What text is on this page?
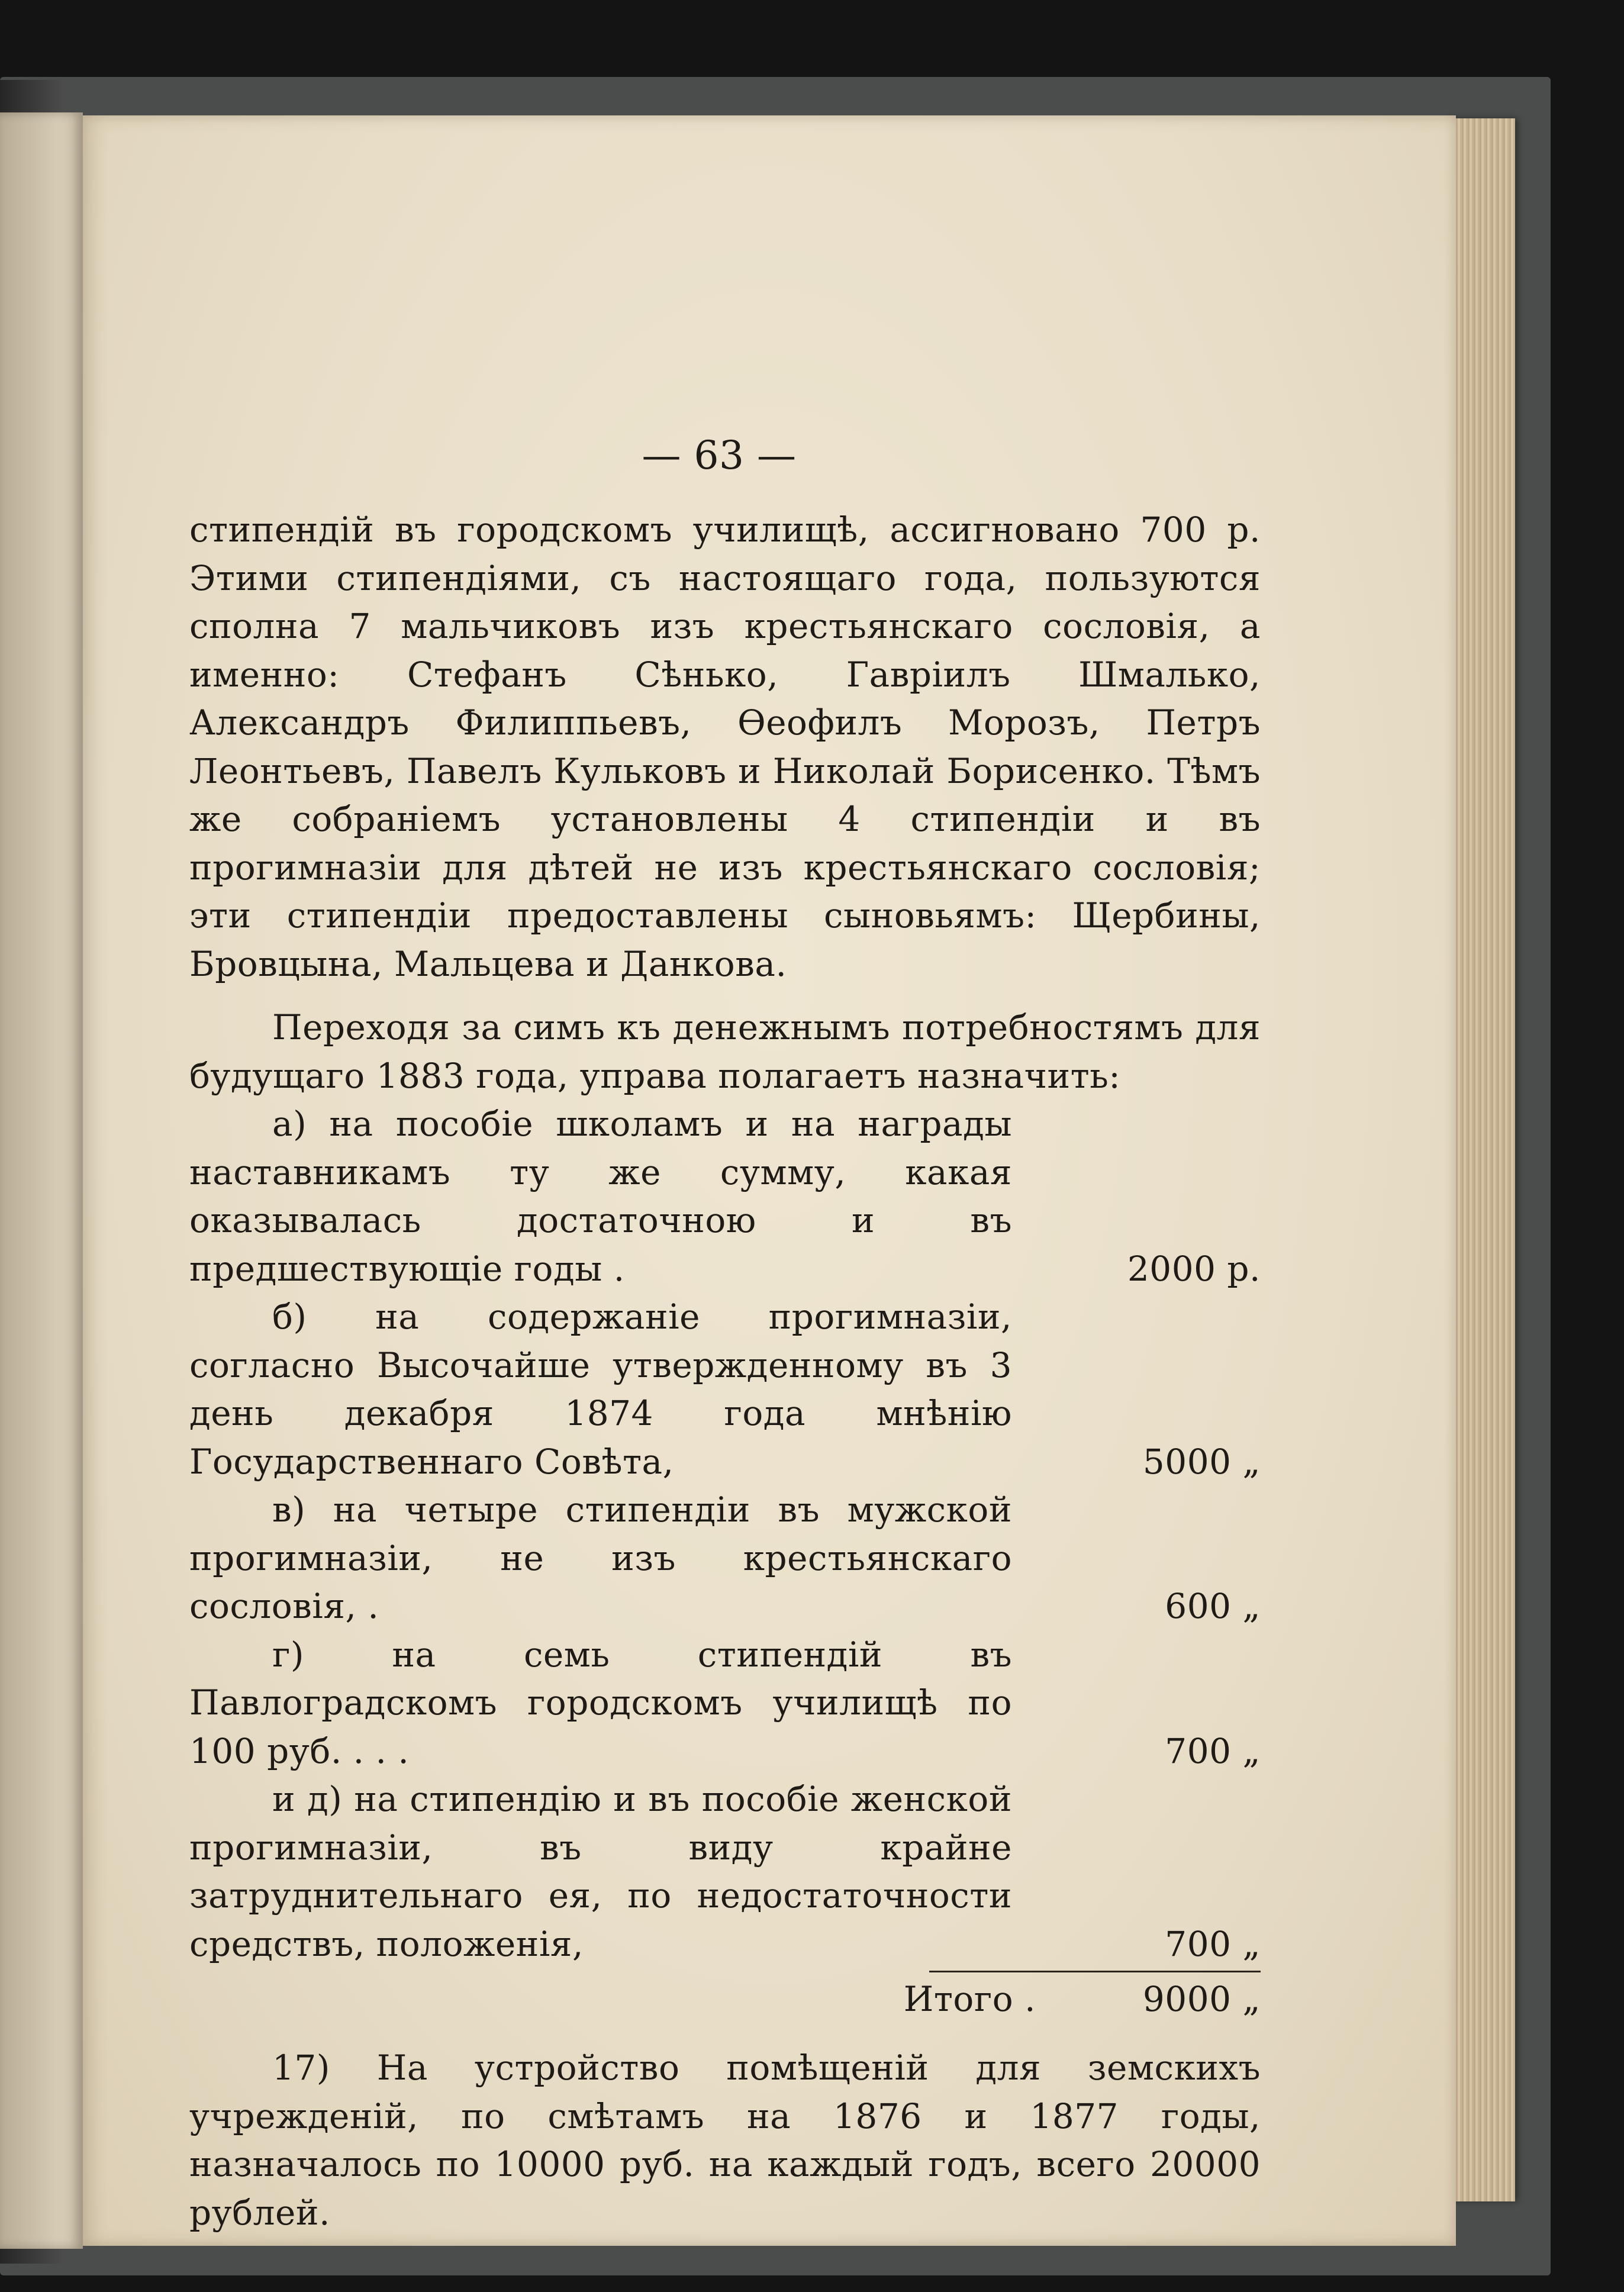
— 63 —

стипендій въ городскомъ училищѣ, ассигновано 700 р. Этими стипендіями, съ настоящаго года, пользуются сполна 7 мальчиковъ изъ крестьянскаго сословія, а именно: Стефанъ Сѣнько, Гаврiилъ Шмалько, Александръ Филиппьевъ, Ѳеофилъ Морозъ, Петръ Леонтьевъ, Павелъ Кульковъ и Николай Борисенко. Тѣмъ же собраніемъ установлены 4 стипендіи и въ прогимназіи для дѣтей не изъ крестьянскаго сословія; эти стипендіи предоставлены сыновьямъ: Щербины, Бровцына, Мальцева и Данкова.

Переходя за симъ къ денежнымъ потребностямъ для будущаго 1883 года, управа полагаетъ назначить:

а) на пособіе школамъ и на награды наставникамъ ту же сумму, какая оказывалась достаточною и въ предшествующіе годы .	2000 р.
б) на содержаніе прогимназіи, согласно Высочайше утвержденному въ 3 день декабря 1874 года мнѣнію Государственнаго Совѣта,	5000 „
в) на четыре стипендіи въ мужской прогимназіи, не изъ крестьянскаго сословія, .	600 „
г) на семь стипендій въ Павлоградскомъ городскомъ училищѣ по 100 руб. . . .	700 „
и д) на стипендію и въ пособіе женской прогимназіи, въ виду крайне затруднительнаго ея, по недостаточности средствъ, положенія,	700 „
Итого .	9000 „

17) На устройство помѣщеній для земскихъ учрежденій, по смѣтамъ на 1876 и 1877 годы, назначалось по 10000 руб. на каждый годъ, всего 20000 рублей.
